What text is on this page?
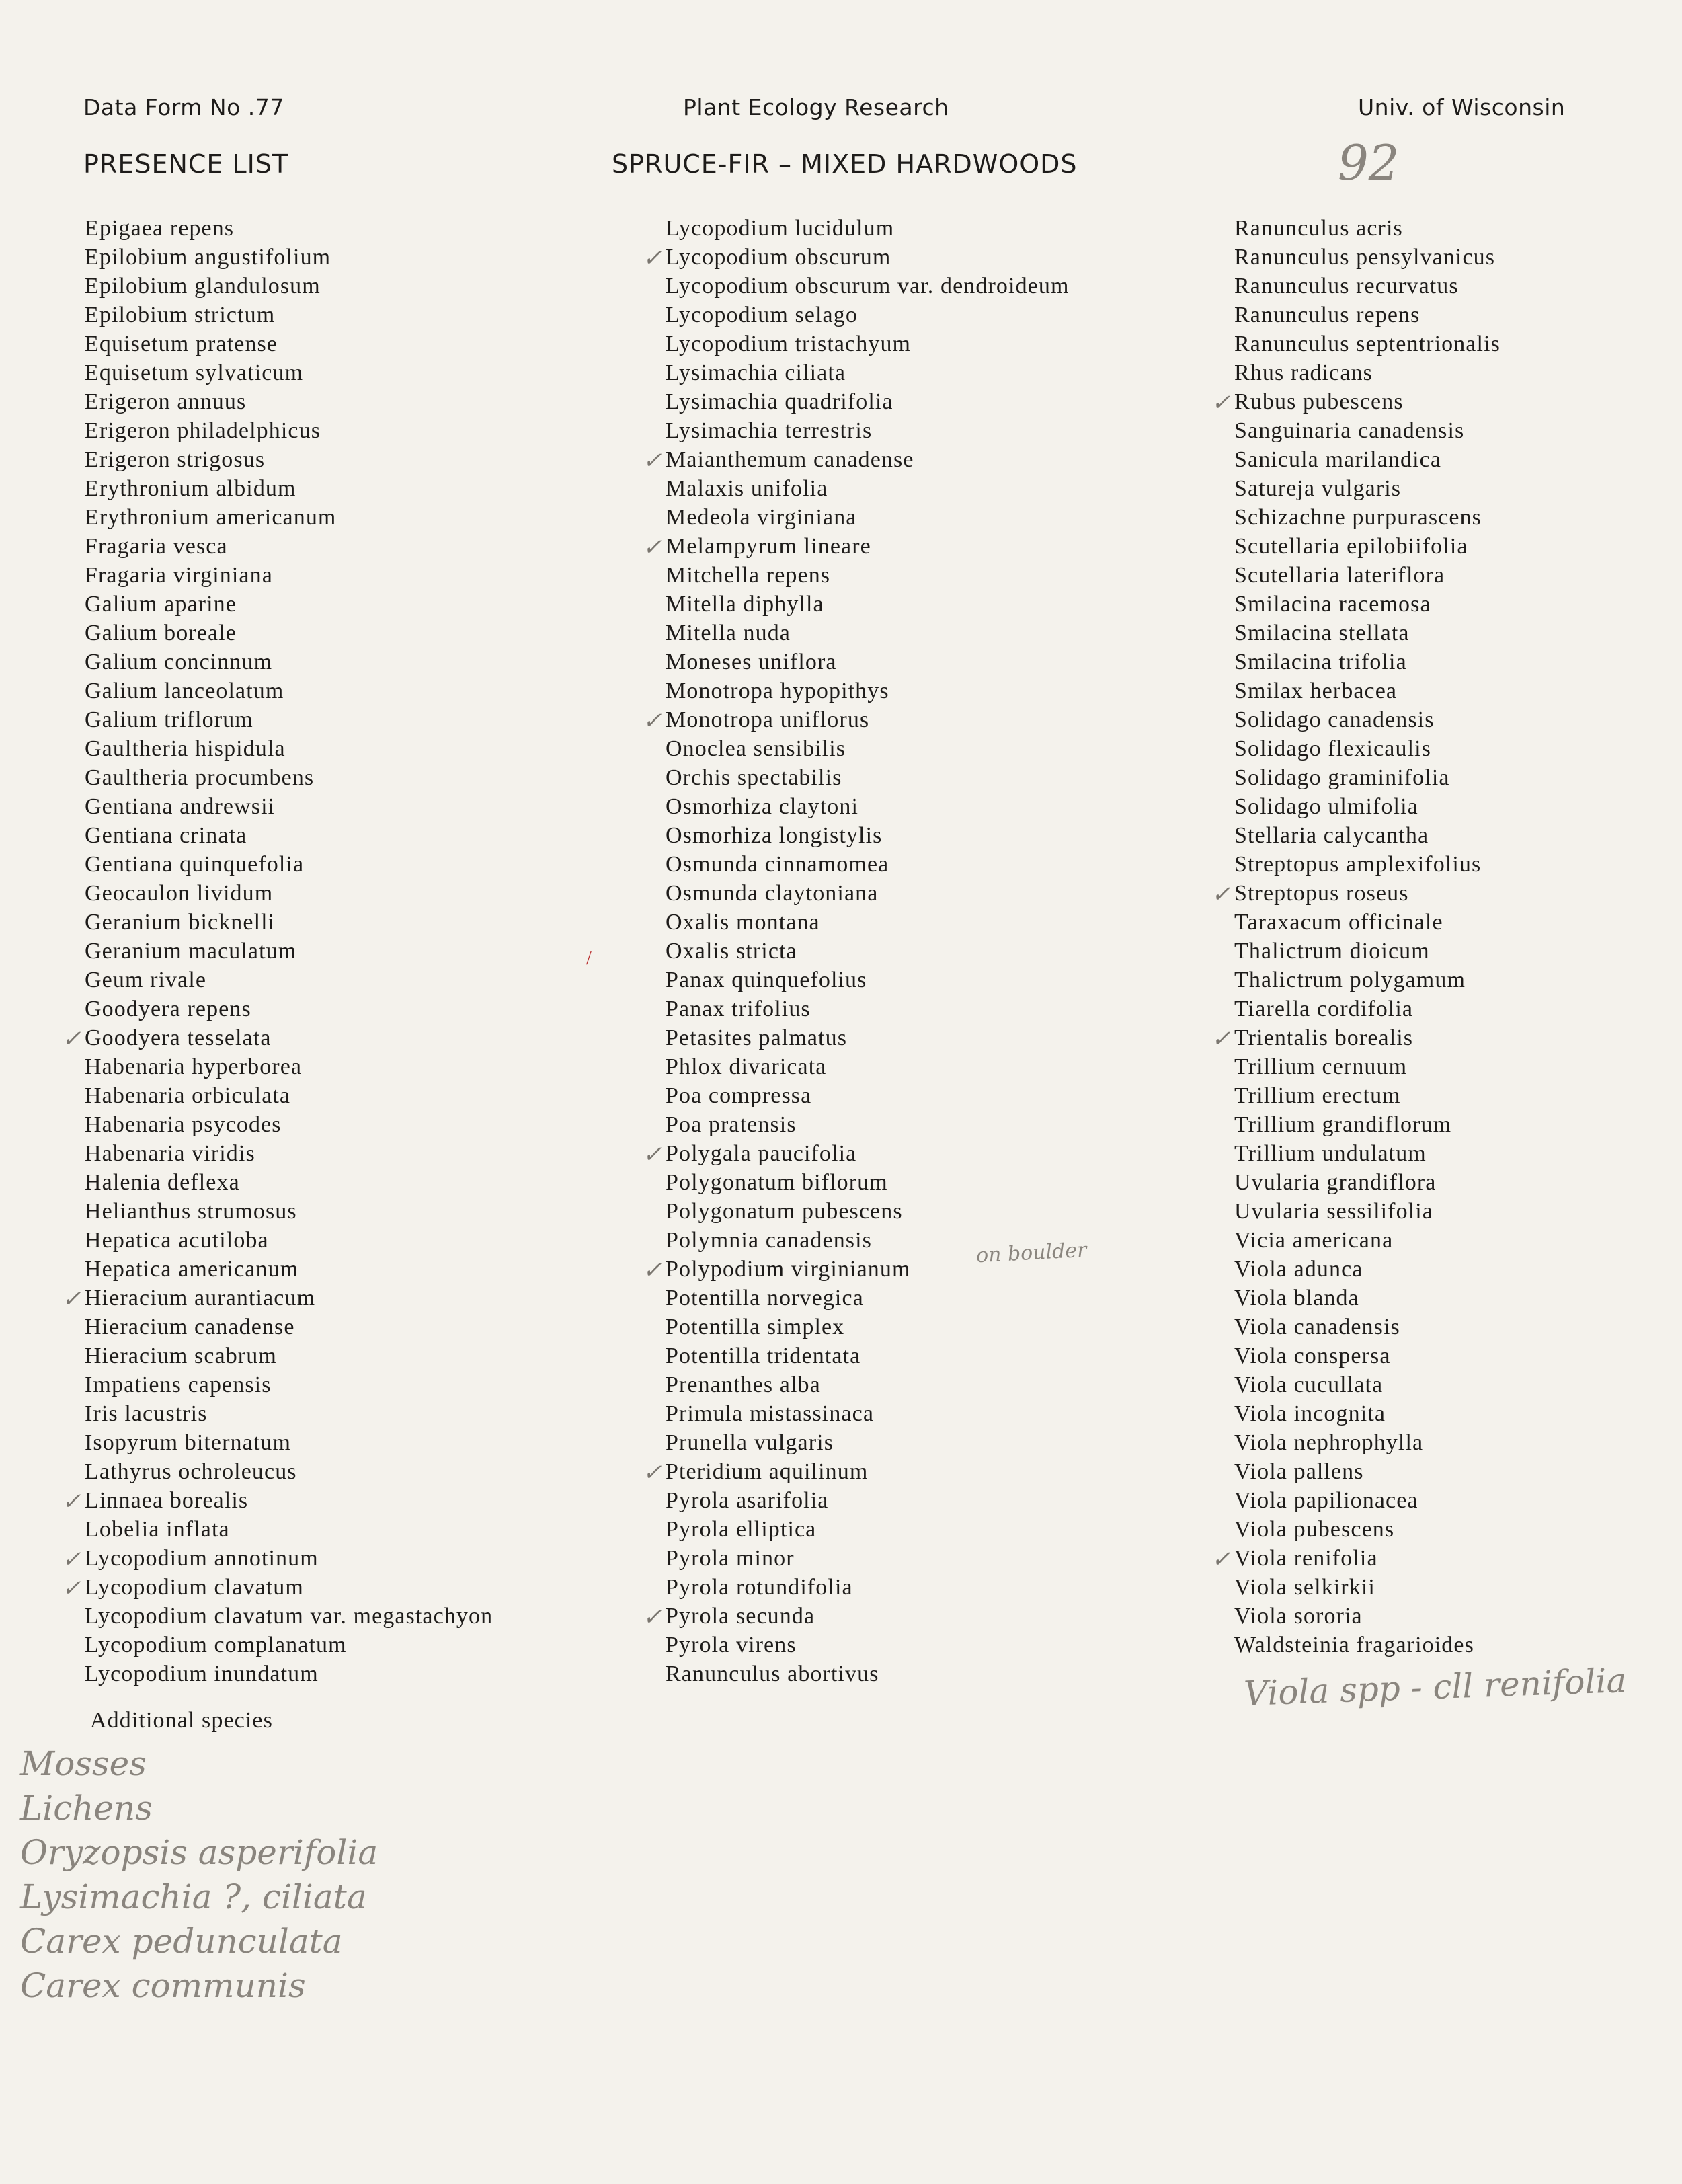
Data Form No .77	Plant Ecology Research	Univ. of Wisconsin
PRESENCE LIST	SPRUCE-FIR – MIXED HARDWOODS	92
Epigaea repens
Epilobium angustifolium
Epilobium glandulosum
Epilobium strictum
Equisetum pratense
Equisetum sylvaticum
Erigeron annuus
Erigeron philadelphicus
Erigeron strigosus
Erythronium albidum
Erythronium americanum
Fragaria vesca
Fragaria virginiana
Galium aparine
Galium boreale
Galium concinnum
Galium lanceolatum
Galium triflorum
Gaultheria hispidula
Gaultheria procumbens
Gentiana andrewsii
Gentiana crinata
Gentiana quinquefolia
Geocaulon lividum
Geranium bicknelli
Geranium maculatum
Geum rivale
Goodyera repens
✓ Goodyera tesselata
Habenaria hyperborea
Habenaria orbiculata
Habenaria psycodes
Habenaria viridis
Halenia deflexa
Helianthus strumosus
Hepatica acutiloba
Hepatica americanum
✓ Hieracium aurantiacum
Hieracium canadense
Hieracium scabrum
Impatiens capensis
Iris lacustris
Isopyrum biternatum
Lathyrus ochroleucus
✓ Linnaea borealis
Lobelia inflata
✓ Lycopodium annotinum
✓ Lycopodium clavatum
Lycopodium clavatum var. megastachyon
Lycopodium complanatum
Lycopodium inundatum
Lycopodium lucidulum
✓ Lycopodium obscurum
Lycopodium obscurum var. dendroideum
Lycopodium selago
Lycopodium tristachyum
Lysimachia ciliata
Lysimachia quadrifolia
Lysimachia terrestris
✓ Maianthemum canadense
Malaxis unifolia
Medeola virginiana
✓ Melampyrum lineare
Mitchella repens
Mitella diphylla
Mitella nuda
Moneses uniflora
Monotropa hypopithys
✓ Monotropa uniflorus
Onoclea sensibilis
Orchis spectabilis
Osmorhiza claytoni
Osmorhiza longistylis
Osmunda cinnamomea
Osmunda claytoniana
Oxalis montana
Oxalis stricta
Panax quinquefolius
Panax trifolius
Petasites palmatus
Phlox divaricata
Poa compressa
Poa pratensis
✓ Polygala paucifolia
Polygonatum biflorum
Polygonatum pubescens
Polymnia canadensis
✓ Polypodium virginianum
Potentilla norvegica
Potentilla simplex
Potentilla tridentata
Prenanthes alba
Primula mistassinaca
Prunella vulgaris
✓ Pteridium aquilinum
Pyrola asarifolia
Pyrola elliptica
Pyrola minor
Pyrola rotundifolia
✓ Pyrola secunda
Pyrola virens
Ranunculus abortivus
Ranunculus acris
Ranunculus pensylvanicus
Ranunculus recurvatus
Ranunculus repens
Ranunculus septentrionalis
Rhus radicans
✓ Rubus pubescens
Sanguinaria canadensis
Sanicula marilandica
Satureja vulgaris
Schizachne purpurascens
Scutellaria epilobiifolia
Scutellaria lateriflora
Smilacina racemosa
Smilacina stellata
Smilacina trifolia
Smilax herbacea
Solidago canadensis
Solidago flexicaulis
Solidago graminifolia
Solidago ulmifolia
Stellaria calycantha
Streptopus amplexifolius
✓ Streptopus roseus
Taraxacum officinale
Thalictrum dioicum
Thalictrum polygamum
Tiarella cordifolia
✓ Trientalis borealis
Trillium cernuum
Trillium erectum
Trillium grandiflorum
Trillium undulatum
Uvularia grandiflora
Uvularia sessilifolia
Vicia americana
Viola adunca
Viola blanda
Viola canadensis
Viola conspersa
Viola cucullata
Viola incognita
Viola nephrophylla
Viola pallens
Viola papilionacea
Viola pubescens
✓ Viola renifolia
Viola selkirkii
Viola sororia
Waldsteinia fragarioides
on boulder
/
Additional species
Mosses
Lichens
Oryzopsis asperifolia
Lysimachia ?, ciliata
Carex pedunculata
Carex communis
Viola spp - cll renifolia
